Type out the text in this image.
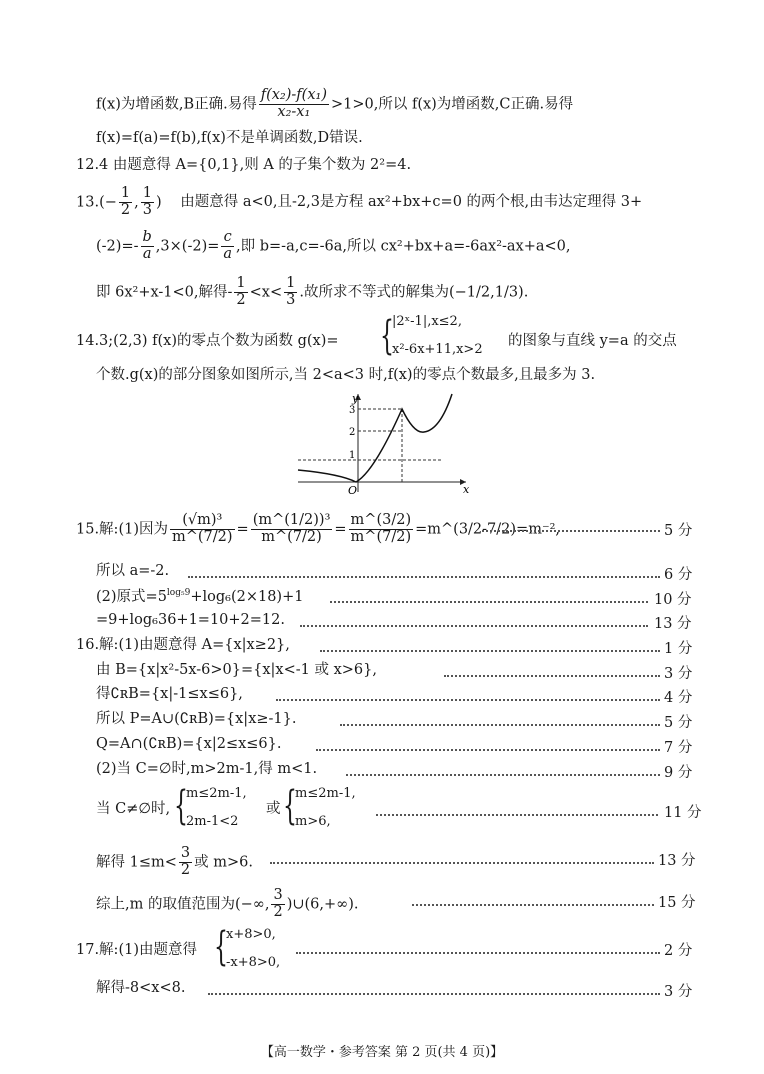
f(x)为增函数,B正确.易得 $\frac{\text{f(x₂)-f(x₁)}}{\text{x₂-x₁}} >1>0$,所以 f(x)为增函数,C正确.易得
f(x)=f(a)=f(b),f(x)不是单调函数,D错误.
12.4 由题意得 A={0,1},则 A 的子集个数为 2²=4.
$13.(- \frac{1}{2}$ , $\frac{1}{3}$ ) 由题意得 a<0,且-2,3是方程 ax²+bx+c=0 的两个根,由韦达定理得 3+
$(-2)=- \frac{b}{a} ,3\times(-2)= \frac{c}{a}$ ,即 b=-a,c=-6a,所以 cx²+bx+a=-6ax²-ax+a<0,
即 6x²+x-1<0,解得- $\frac{1}{2} <x< \frac{1}{3}$ .故所求不等式的解集为(−1/2,1/3).
14.3;(2,3) f(x)的零点个数为函数 g(x)= {
|2ˣ-1|,x≤2,
x²-6x+11,x>2
的图象与直线 y=a 的交点
个数.g(x)的部分图象如图所示,当 2<a<3 时,f(x)的零点个数最多,且最多为 3.
y
x
O
3
2
1
15.解:(1)因为 $\frac{\text{(√m)³}}{m\^{}(7/2)} = \frac{\text{(m\textasciicircum{}(1/2))³}}{m\^{}(7/2)} = \frac{m\^{}(3/2)}{m\^{}(7/2)}$ =m^(3/2-7/2)=m⁻²,	5 分
所以 a=-2.	6 分
(2)原式$=5^{log_59}+\log_6(2\times 18)+1$	10 分
=9+log₆36+1=10+2=12.	13 分
16.解:(1)由题意得 A={x|x≥2},	1 分
由 B={x|x²-5x-6>0}={x|x<-1 或 x>6},	3 分
得∁ʀB={x|-1≤x≤6},	4 分
所以 P=A∪(∁ʀB)={x|x≥-1}.	5 分
Q=A∩(∁ʀB)={x|2≤x≤6}.	7 分
(2)当 C=∅时,m>2m-1,得 m<1.	9 分
当 C≠∅时, {
m≤2m-1,
2m-1<2
或 {
m≤2m-1,
m>6,
11 分
解得 $1\le m< \frac{3}{2}$ 或 m>6.	13 分
综上,m 的取值范围为(−∞, $\frac{3}{2}$ )∪(6,+∞).	15 分
17.解:(1)由题意得 {
x+8>0,
-x+8>0,
2 分
解得-8<x<8.	3 分
【高一数学・参考答案 第 2 页(共 4 页)】
